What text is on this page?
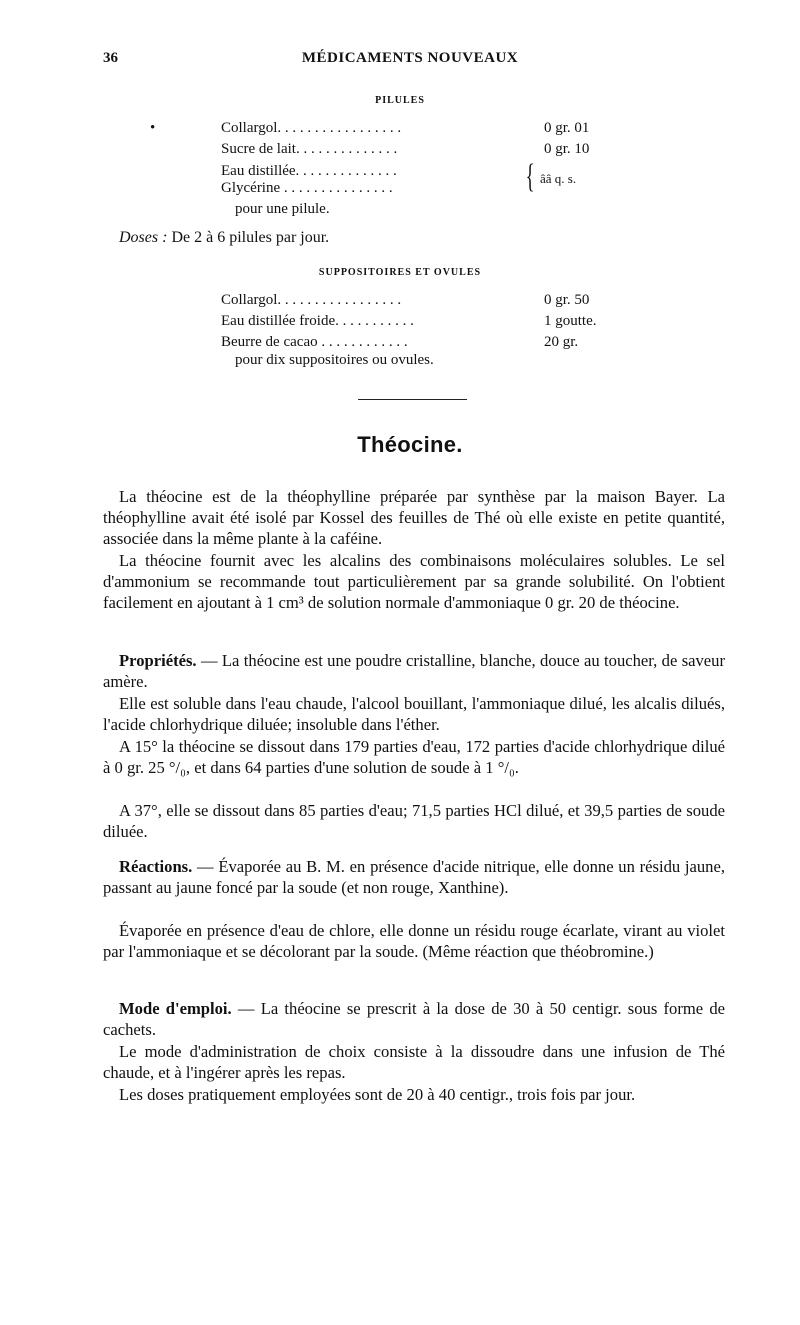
36	MÉDICAMENTS NOUVEAUX
PILULES
•	Collargol. . . . . . . . . . . . . . . . .	0 gr. 01
Sucre de lait. . . . . . . . . . . . . .	0 gr. 10
Eau distillée. . . . . . . . . . . . . .
Glycérine . . . . . . . . . . . . . . .	{ ââ q. s.
pour une pilule.
Doses : De 2 à 6 pilules par jour.
SUPPOSITOIRES ET OVULES
Collargol. . . . . . . . . . . . . . . . .	0 gr. 50
Eau distillée froide. . . . . . . . . . .	1 goutte.
Beurre de cacao . . . . . . . . . . . .	20 gr.
pour dix suppositoires ou ovules.
Théocine.
La théocine est de la théophylline préparée par synthèse par la maison Bayer. La théophylline avait été isolé par Kossel des feuilles de Thé où elle existe en petite quantité, associée dans la même plante à la caféine.
La théocine fournit avec les alcalins des combinaisons moléculaires solubles. Le sel d'ammonium se recommande tout particulièrement par sa grande solubilité. On l'obtient facilement en ajoutant à 1 cm³ de solution normale d'ammoniaque 0 gr. 20 de théocine.
Propriétés. — La théocine est une poudre cristalline, blanche, douce au toucher, de saveur amère.
Elle est soluble dans l'eau chaude, l'alcool bouillant, l'ammoniaque dilué, les alcalis dilués, l'acide chlorhydrique diluée; insoluble dans l'éther.
A 15° la théocine se dissout dans 179 parties d'eau, 172 parties d'acide chlorhydrique dilué à 0 gr. 25 °/₀, et dans 64 parties d'une solution de soude à 1 °/₀.
A 37°, elle se dissout dans 85 parties d'eau; 71,5 parties HCl dilué, et 39,5 parties de soude diluée.
Réactions. — Évaporée au B. M. en présence d'acide nitrique, elle donne un résidu jaune, passant au jaune foncé par la soude (et non rouge, Xanthine).
Évaporée en présence d'eau de chlore, elle donne un résidu rouge écarlate, virant au violet par l'ammoniaque et se décolorant par la soude. (Même réaction que théobromine.)
Mode d'emploi. — La théocine se prescrit à la dose de 30 à 50 centigr. sous forme de cachets.
Le mode d'administration de choix consiste à la dissoudre dans une infusion de Thé chaude, et à l'ingérer après les repas.
Les doses pratiquement employées sont de 20 à 40 centigr., trois fois par jour.
